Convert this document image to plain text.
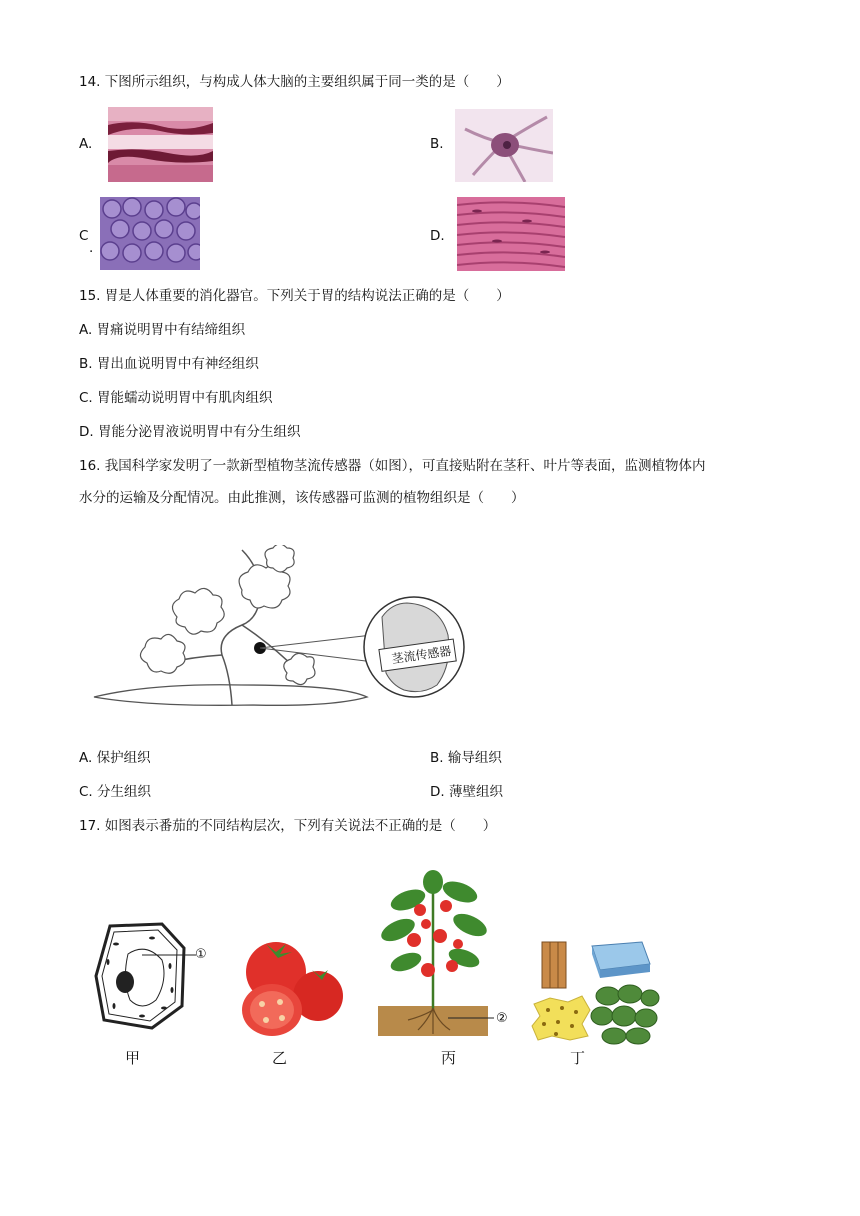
14. 下图所示组织，与构成人体大脑的主要组织属于同一类的是（　　）
A.	B.
C
.
D.
15. 胃是人体重要的消化器官。下列关于胃的结构说法正确的是（　　）
A. 胃痛说明胃中有结缔组织
B. 胃出血说明胃中有神经组织
C. 胃能蠕动说明胃中有肌肉组织
D. 胃能分泌胃液说明胃中有分生组织
16. 我国科学家发明了一款新型植物茎流传感器（如图），可直接贴附在茎秆、叶片等表面，监测植物体内
水分的运输及分配情况。由此推测，该传感器可监测的植物组织是（　　）
茎流传感器
A. 保护组织	B. 输导组织
C. 分生组织	D. 薄壁组织
17. 如图表示番茄的不同结构层次，下列有关说法不正确的是（　　）
①
甲	乙
②
丙	丁
